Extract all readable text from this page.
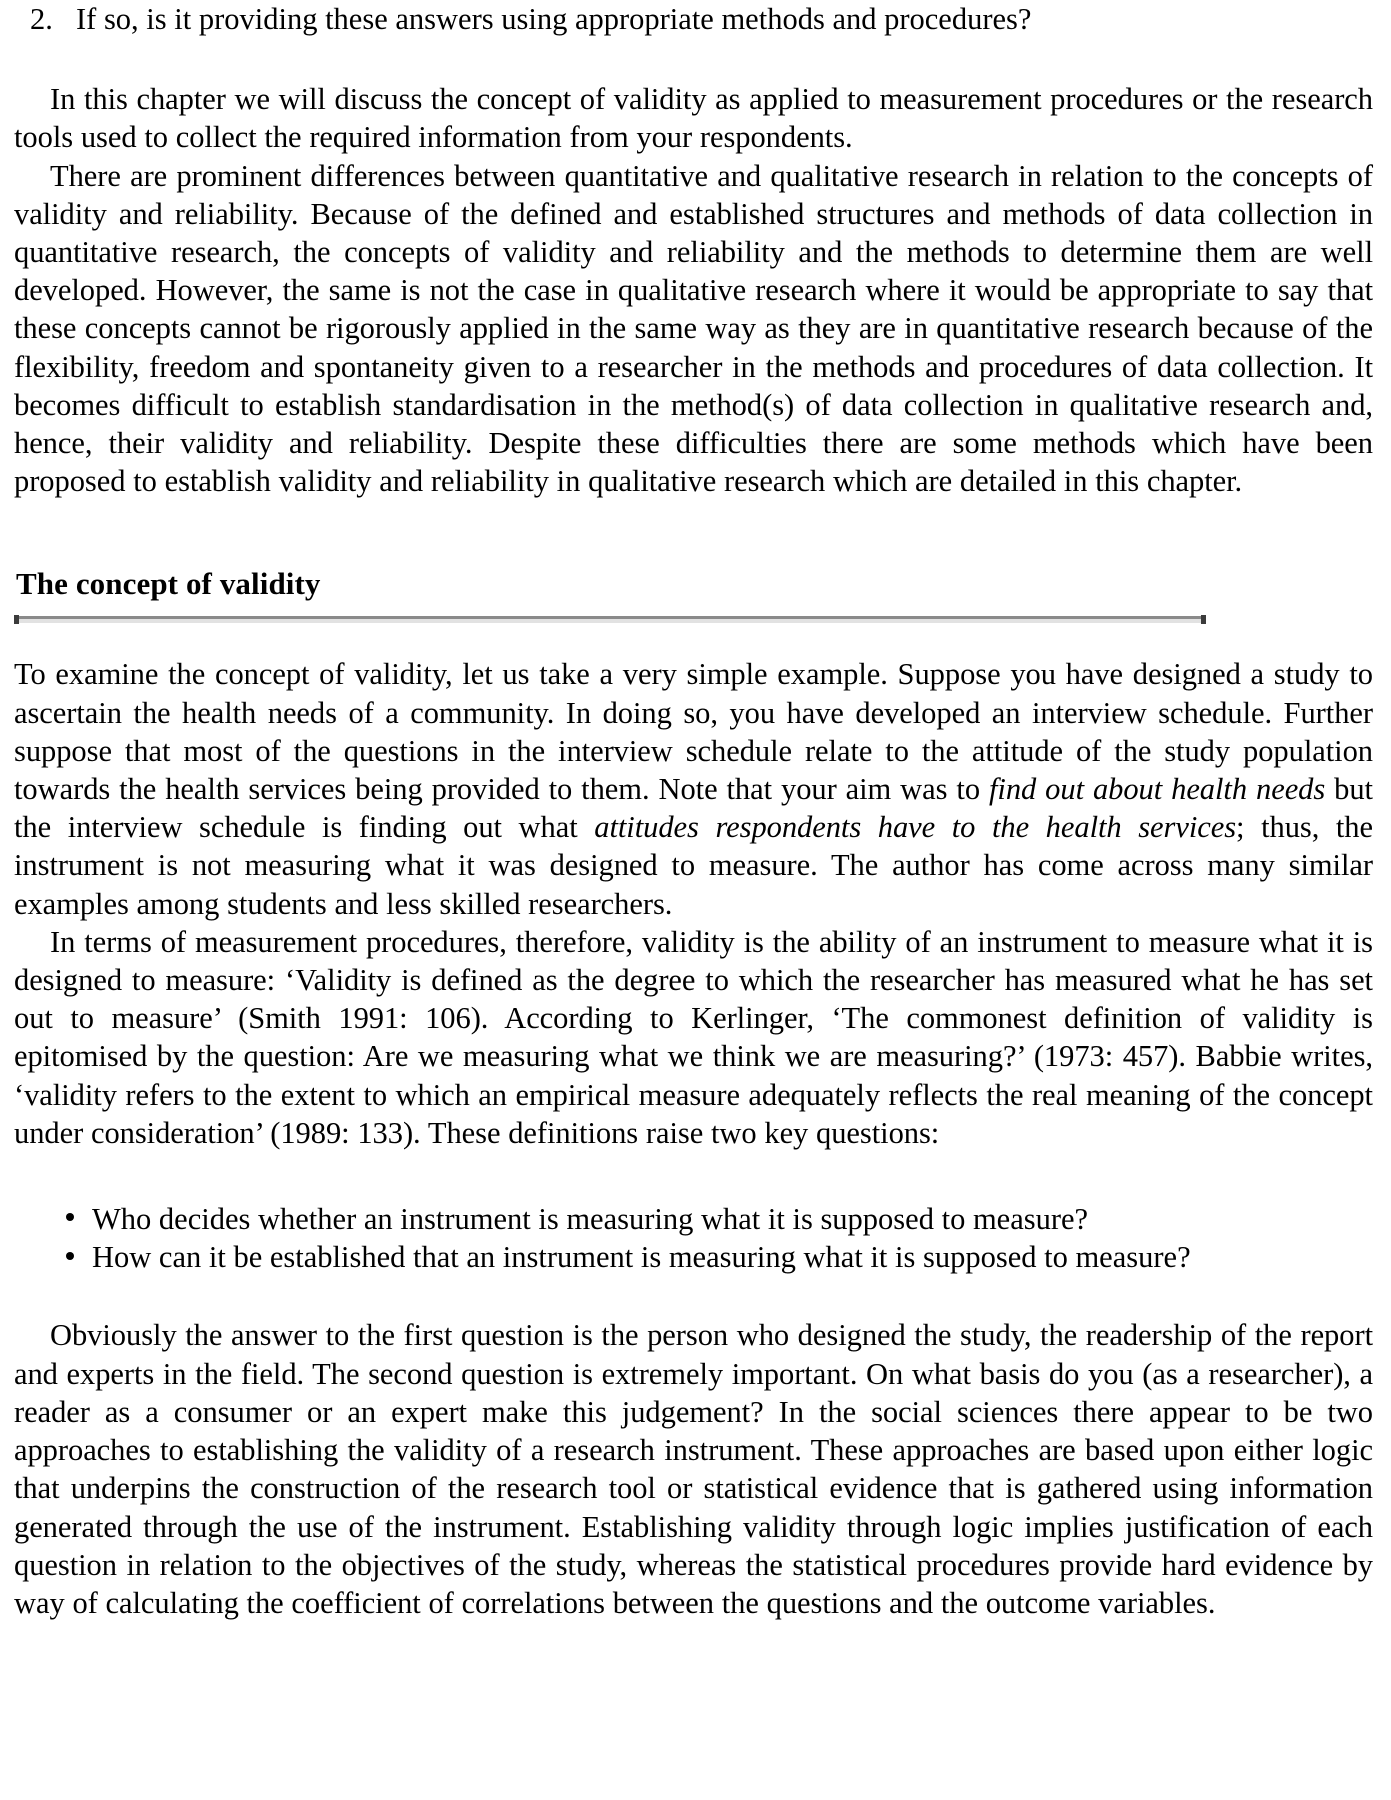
2. If so, is it providing these answers using appropriate methods and procedures?

In this chapter we will discuss the concept of validity as applied to measurement procedures or the research tools used to collect the required information from your respondents.

There are prominent differences between quantitative and qualitative research in relation to the concepts of validity and reliability. Because of the defined and established structures and methods of data collection in quantitative research, the concepts of validity and reliability and the methods to determine them are well developed. However, the same is not the case in qualitative research where it would be appropriate to say that these concepts cannot be rigorously applied in the same way as they are in quantitative research because of the flexibility, freedom and spontaneity given to a researcher in the methods and procedures of data collection. It becomes difficult to establish standardisation in the method(s) of data collection in qualitative research and, hence, their validity and reliability. Despite these difficulties there are some methods which have been proposed to establish validity and reliability in qualitative research which are detailed in this chapter.

The concept of validity

To examine the concept of validity, let us take a very simple example. Suppose you have designed a study to ascertain the health needs of a community. In doing so, you have developed an interview schedule. Further suppose that most of the questions in the interview schedule relate to the attitude of the study population towards the health services being provided to them. Note that your aim was to find out about health needs but the interview schedule is finding out what attitudes respondents have to the health services; thus, the instrument is not measuring what it was designed to measure. The author has come across many similar examples among students and less skilled researchers.

In terms of measurement procedures, therefore, validity is the ability of an instrument to measure what it is designed to measure: ‘Validity is defined as the degree to which the researcher has measured what he has set out to measure’ (Smith 1991: 106). According to Kerlinger, ‘The commonest definition of validity is epitomised by the question: Are we measuring what we think we are measuring?’ (1973: 457). Babbie writes, ‘validity refers to the extent to which an empirical measure adequately reflects the real meaning of the concept under consideration’ (1989: 133). These definitions raise two key questions:

Who decides whether an instrument is measuring what it is supposed to measure?
How can it be established that an instrument is measuring what it is supposed to measure?

Obviously the answer to the first question is the person who designed the study, the readership of the report and experts in the field. The second question is extremely important. On what basis do you (as a researcher), a reader as a consumer or an expert make this judgement? In the social sciences there appear to be two approaches to establishing the validity of a research instrument. These approaches are based upon either logic that underpins the construction of the research tool or statistical evidence that is gathered using information generated through the use of the instrument. Establishing validity through logic implies justification of each question in relation to the objectives of the study, whereas the statistical procedures provide hard evidence by way of calculating the coefficient of correlations between the questions and the outcome variables.
